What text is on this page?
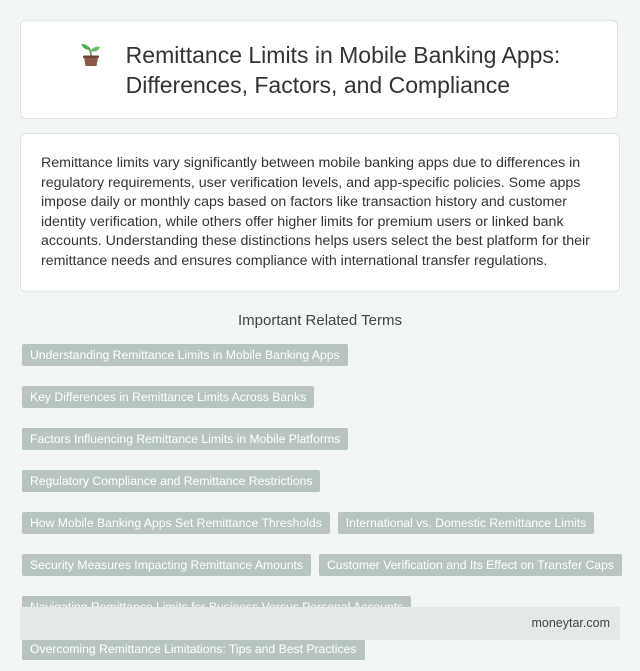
Remittance Limits in Mobile Banking Apps:
Differences, Factors, and Compliance

Remittance limits vary significantly between mobile banking apps due to differences in regulatory requirements, user verification levels, and app-specific policies. Some apps impose daily or monthly caps based on factors like transaction history and customer identity verification, while others offer higher limits for premium users or linked bank accounts. Understanding these distinctions helps users select the best platform for their remittance needs and ensures compliance with international transfer regulations.

Important Related Terms
Understanding Remittance Limits in Mobile Banking Apps
Key Differences in Remittance Limits Across Banks
Factors Influencing Remittance Limits in Mobile Platforms
Regulatory Compliance and Remittance Restrictions
How Mobile Banking Apps Set Remittance Thresholds	International vs. Domestic Remittance Limits
Security Measures Impacting Remittance Amounts	Customer Verification and Its Effect on Transfer Caps
Overcoming Remittance Limitations: Tips and Best Practices
moneytar.com
